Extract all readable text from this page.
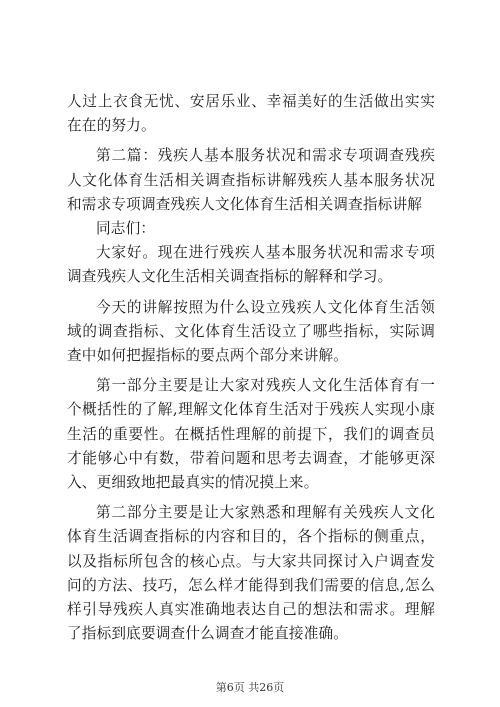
人过上衣食无忧、安居乐业、幸福美好的生活做出实实在在的努力。

第二篇：残疾人基本服务状况和需求专项调查残疾人文化体育生活相关调查指标讲解残疾人基本服务状况和需求专项调查残疾人文化体育生活相关调查指标讲解

同志们：

大家好。现在进行残疾人基本服务状况和需求专项调查残疾人文化生活相关调查指标的解释和学习。

今天的讲解按照为什么设立残疾人文化体育生活领域的调查指标、文化体育生活设立了哪些指标，实际调查中如何把握指标的要点两个部分来讲解。

第一部分主要是让大家对残疾人文化生活体育有一个概括性的了解,理解文化体育生活对于残疾人实现小康生活的重要性。在概括性理解的前提下，我们的调查员才能够心中有数，带着问题和思考去调查，才能够更深入、更细致地把最真实的情况摸上来。

第二部分主要是让大家熟悉和理解有关残疾人文化体育生活调查指标的内容和目的，各个指标的侧重点，以及指标所包含的核心点。与大家共同探讨入户调查发问的方法、技巧，怎么样才能得到我们需要的信息,怎么样引导残疾人真实准确地表达自己的想法和需求。理解了指标到底要调查什么调查才能直接准确。

第6页 共26页
